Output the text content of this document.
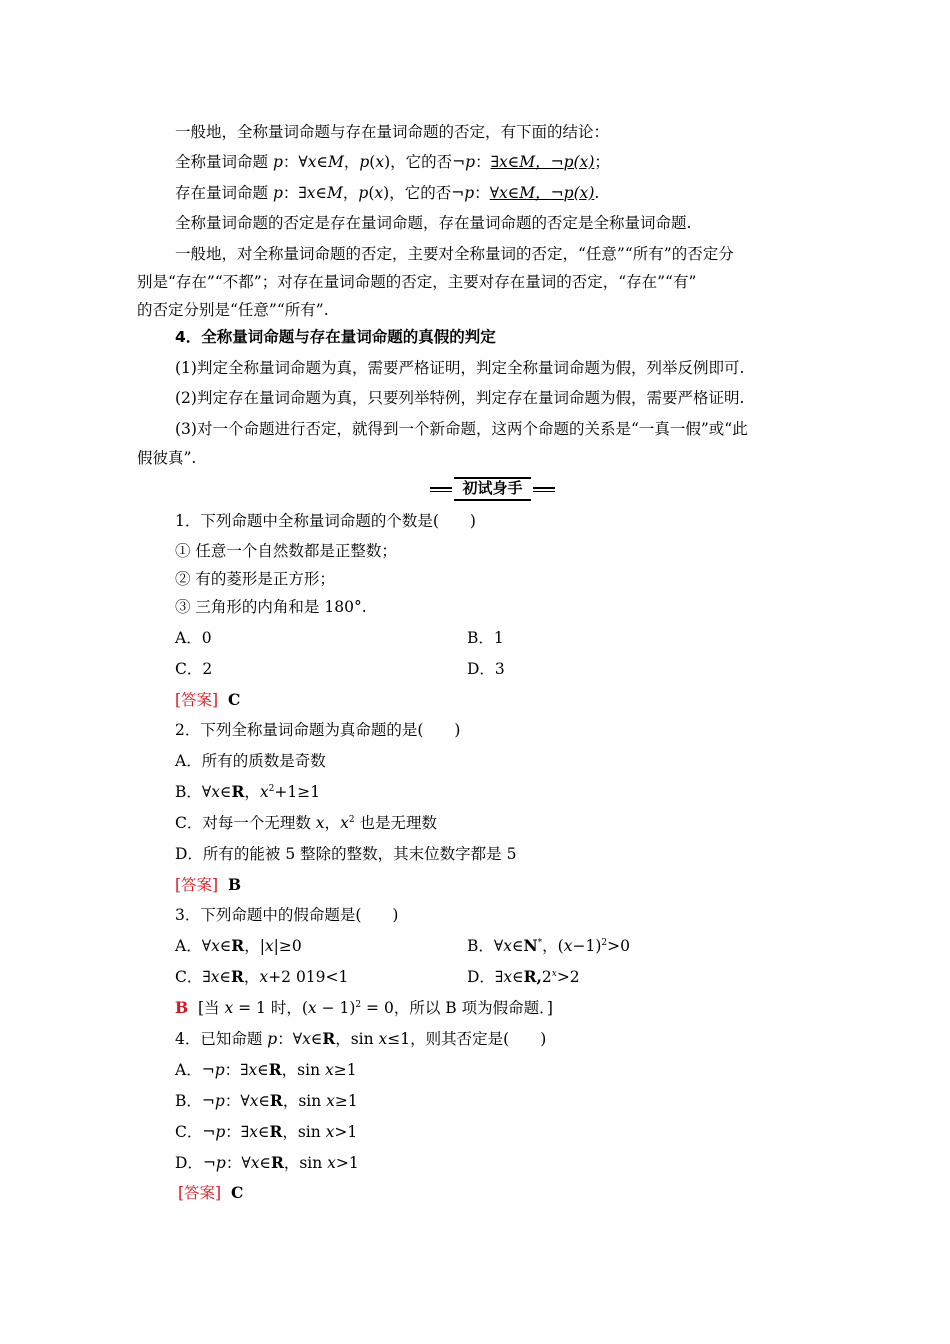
一般地，全称量词命题与存在量词命题的否定，有下面的结论：
全称量词命题 p：∀x∈M，p(x)，它的否¬p：∃x∈M，¬p(x)；
存在量词命题 p：∃x∈M，p(x)，它的否¬p：∀x∈M，¬p(x).
全称量词命题的否定是存在量词命题，存在量词命题的否定是全称量词命题.
一般地，对全称量词命题的否定，主要对全称量词的否定，“任意”“所有”的否定分
别是“存在”“不都”；对存在量词命题的否定，主要对存在量词的否定，“存在”“有”
的否定分别是“任意”“所有”.
4．全称量词命题与存在量词命题的真假的判定
(1)判定全称量词命题为真，需要严格证明，判定全称量词命题为假，列举反例即可.
(2)判定存在量词命题为真，只要列举特例，判定存在量词命题为假，需要严格证明.
(3)对一个命题进行否定，就得到一个新命题，这两个命题的关系是“一真一假”或“此
假彼真”.
初试身手
1．下列命题中全称量词命题的个数是(　　)
① 任意一个自然数都是正整数；
② 有的菱形是正方形；
③ 三角形的内角和是 180°.
A．0	B．1
C．2	D．3
[答案] C
2．下列全称量词命题为真命题的是(　　)
A．所有的质数是奇数
B．∀x∈R，$x^2+1\ge 1$
C．对每一个无理数 x，$x^2$ 也是无理数
D．所有的能被 5 整除的整数，其末位数字都是 5
[答案] B
3．下列命题中的假命题是(　　)
A．∀x∈R，|x|≥0	B．∀x∈N*，$(x-1)^2>0$
C．∃x∈R，x+2 019<1	D．$\exists x\in R,2^x>2$
B [当 x = 1 时，$(x - 1)^2 = 0$，所以 B 项为假命题．]
4．已知命题 p：∀x∈R，sin x≤1，则其否定是(　　)
A．¬p：∃x∈R，sin x≥1
B．¬p：∀x∈R，sin x≥1
C．¬p：∃x∈R，sin x>1
D．¬p：∀x∈R，sin x>1
[答案] C
